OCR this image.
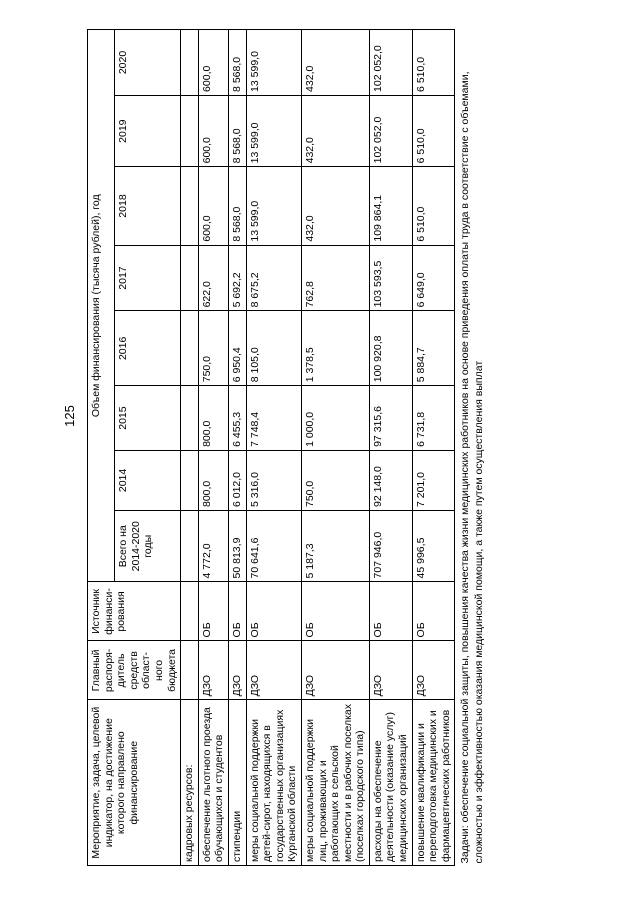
125
Мероприятие, задача, целевой индикатор, на достижение которого направлено финансирование	Главный распоря-дитель средств област-ного бюджета	Источник финанси-рования	Объем финансирования (тысяча рублей), год							
			Всего на 2014-2020 годы	2014	2015	2016	2017	2018	2019	2020
кадровых ресурсов:										
обеспечение льготного проезда обучающихся и студентов	ДЗО	ОБ	4 772,0	800,0	800,0	750,0	622,0	600,0	600,0	600,0
стипендии	ДЗО	ОБ	50 813,9	6 012,0	6 455,3	6 950,4	5 692,2	8 568,0	8 568,0	8 568,0
меры социальной поддержки детей-сирот, находящихся в государственных организациях Курганской области	ДЗО	ОБ	70 641,6	5 316,0	7 748,4	8 105,0	8 675,2	13 599,0	13 599,0	13 599,0
меры социальной поддержки лиц, проживающих и работающих в сельской местности и в рабочих поселках (поселках городского типа)	ДЗО	ОБ	5 187,3	750,0	1 000,0	1 378,5	762,8	432,0	432,0	432,0
расходы на обеспечение деятельности (оказание услуг) медицинских организаций	ДЗО	ОБ	707 946,0	92 148,0	97 315,6	100 920,8	103 593,5	109 864,1	102 052,0	102 052,0
повышение квалификации и переподготовка медицинских и фармацевтических работников	ДЗО	ОБ	45 996,5	7 201,0	6 731,8	5 884,7	6 649,0	6 510,0	6 510,0	6 510,0
Задачи: обеспечение социальной защиты, повышения качества жизни медицинских работников на основе приведения оплаты труда в соответствие с объемами, сложностью и эффективностью оказания медицинской помощи, а также путем осуществления выплат										
